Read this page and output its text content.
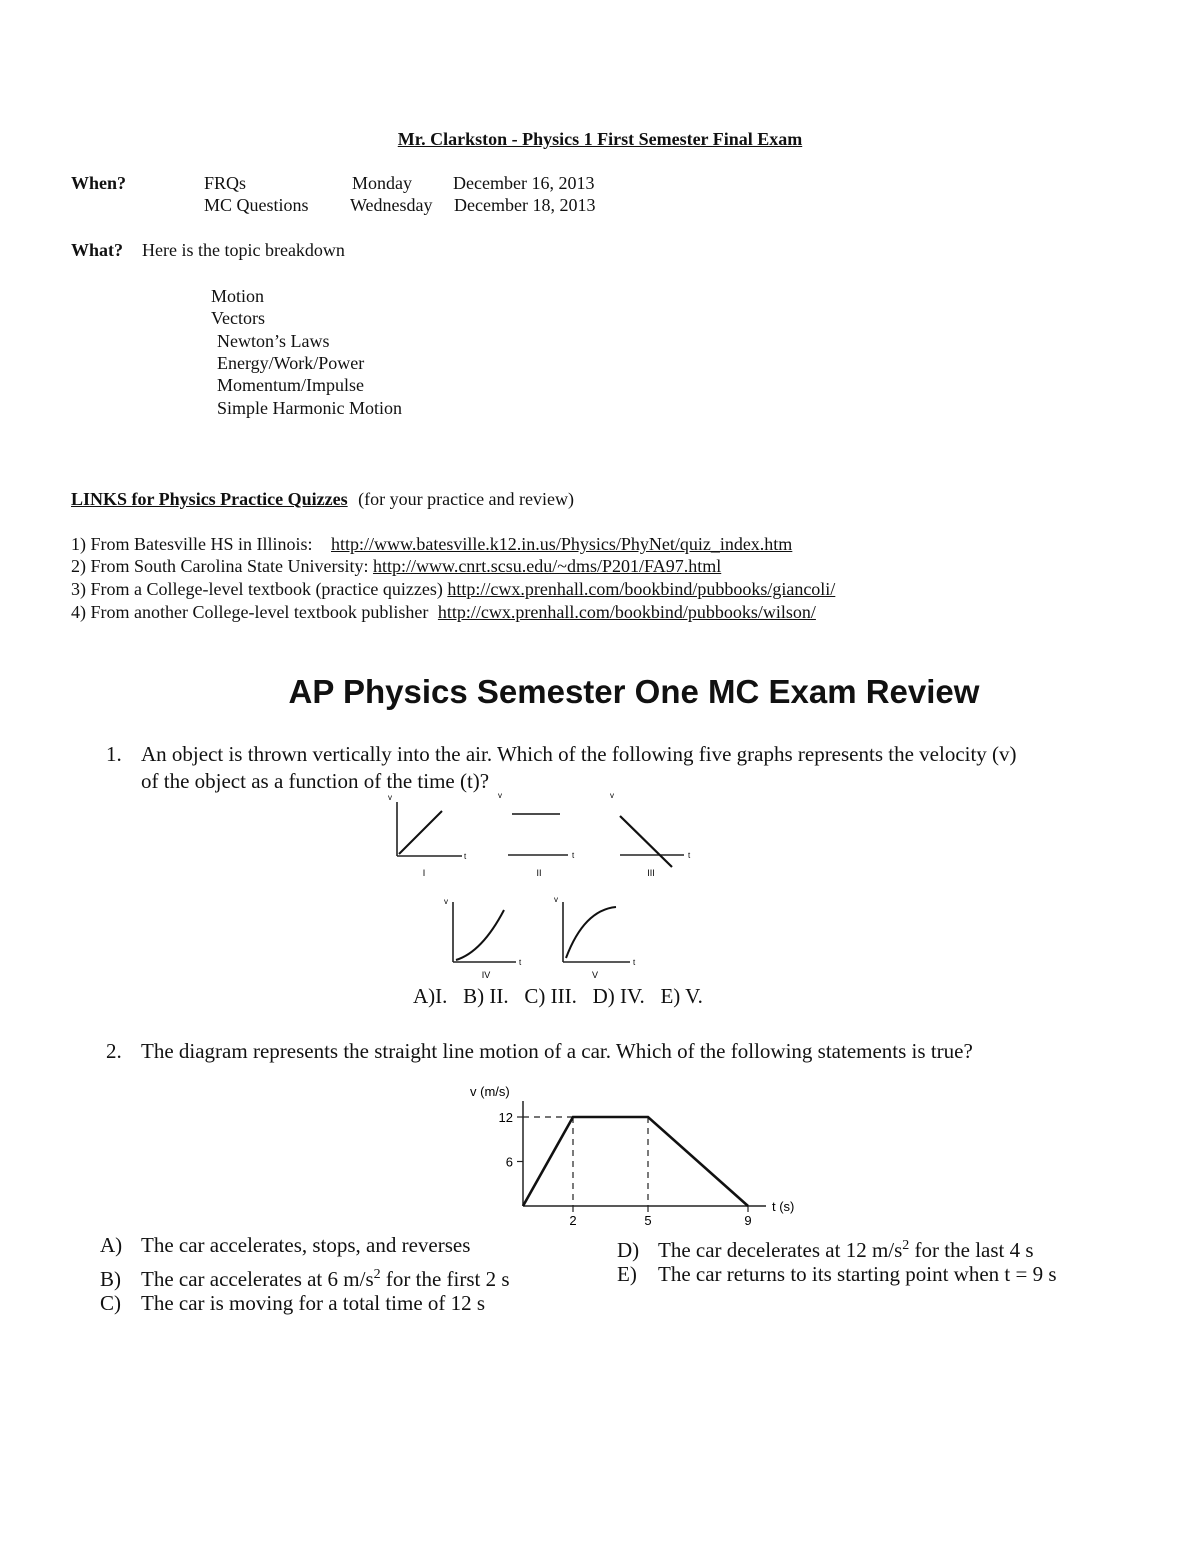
Mr. Clarkston - Physics 1 First Semester Final Exam
When?	FRQs	Monday December 16, 2013
MC Questions Wednesday December 18, 2013
What? Here is the topic breakdown
Motion
Vectors
Newton’s Laws
Energy/Work/Power
Momentum/Impulse
Simple Harmonic Motion
LINKS for Physics Practice Quizzes (for your practice and review)
1) From Batesville HS in Illinois: http://www.batesville.k12.in.us/Physics/PhyNet/quiz_index.htm
2) From South Carolina State University: http://www.cnrt.scsu.edu/~dms/P201/FA97.html
3) From a College-level textbook (practice quizzes) http://cwx.prenhall.com/bookbind/pubbooks/giancoli/
4) From another College-level textbook publisher http://cwx.prenhall.com/bookbind/pubbooks/wilson/
AP Physics Semester One MC Exam Review
1. An object is thrown vertically into the air. Which of the following five graphs represents the velocity (v)
of the object as a function of the time (t)?
v
t
I
v
t
II
v
t
III
v
t
IV
v
t
V
A)I.   B) II.   C) III.   D) IV.   E) V.
2. The diagram represents the straight line motion of a car. Which of the following statements is true?
v (m/s)
t (s)
2	5	9
6
12
A) The car accelerates, stops, and reverses
B) The car accelerates at 6 $m/s^2$ for the first 2 s
C) The car is moving for a total time of 12 s
D) The car decelerates at 12 $m/s^2$ for the last 4 s
E) The car returns to its starting point when t = 9 s
